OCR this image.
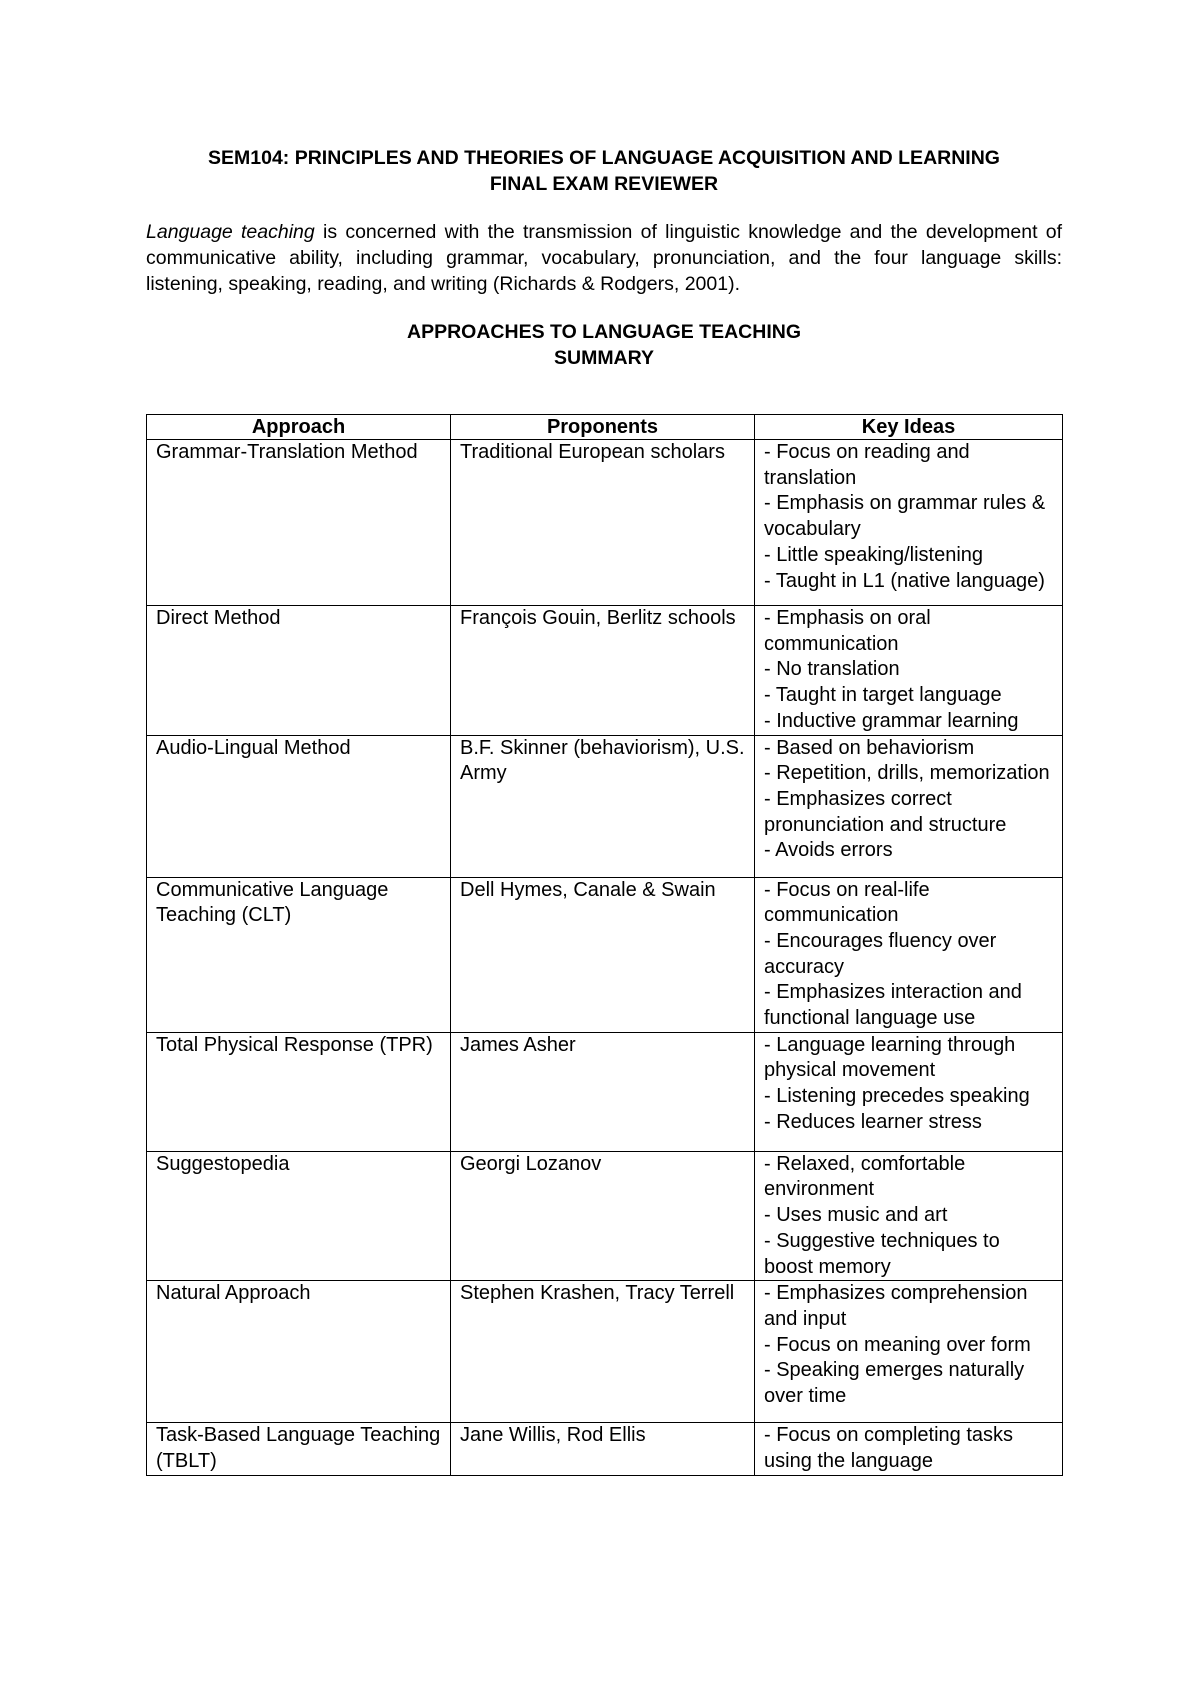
SEM104: PRINCIPLES AND THEORIES OF LANGUAGE ACQUISITION AND LEARNING
FINAL EXAM REVIEWER

Language teaching is concerned with the transmission of linguistic knowledge and the development of communicative ability, including grammar, vocabulary, pronunciation, and the four language skills: listening, speaking, reading, and writing (Richards & Rodgers, 2001).

APPROACHES TO LANGUAGE TEACHING
SUMMARY

Approach	Proponents	Key Ideas
Grammar-Translation Method	Traditional European scholars	- Focus on reading and translation
- Emphasis on grammar rules & vocabulary
- Little speaking/listening
- Taught in L1 (native language)
Direct Method	François Gouin, Berlitz schools	- Emphasis on oral communication
- No translation
- Taught in target language
- Inductive grammar learning
Audio-Lingual Method	B.F. Skinner (behaviorism), U.S. Army	- Based on behaviorism
- Repetition, drills, memorization
- Emphasizes correct pronunciation and structure
- Avoids errors
Communicative Language Teaching (CLT)	Dell Hymes, Canale & Swain	- Focus on real-life communication
- Encourages fluency over accuracy
- Emphasizes interaction and functional language use
Total Physical Response (TPR)	James Asher	- Language learning through physical movement
- Listening precedes speaking
- Reduces learner stress
Suggestopedia	Georgi Lozanov	- Relaxed, comfortable environment
- Uses music and art
- Suggestive techniques to boost memory
Natural Approach	Stephen Krashen, Tracy Terrell	- Emphasizes comprehension and input
- Focus on meaning over form
- Speaking emerges naturally over time
Task-Based Language Teaching (TBLT)	Jane Willis, Rod Ellis	- Focus on completing tasks using the language
